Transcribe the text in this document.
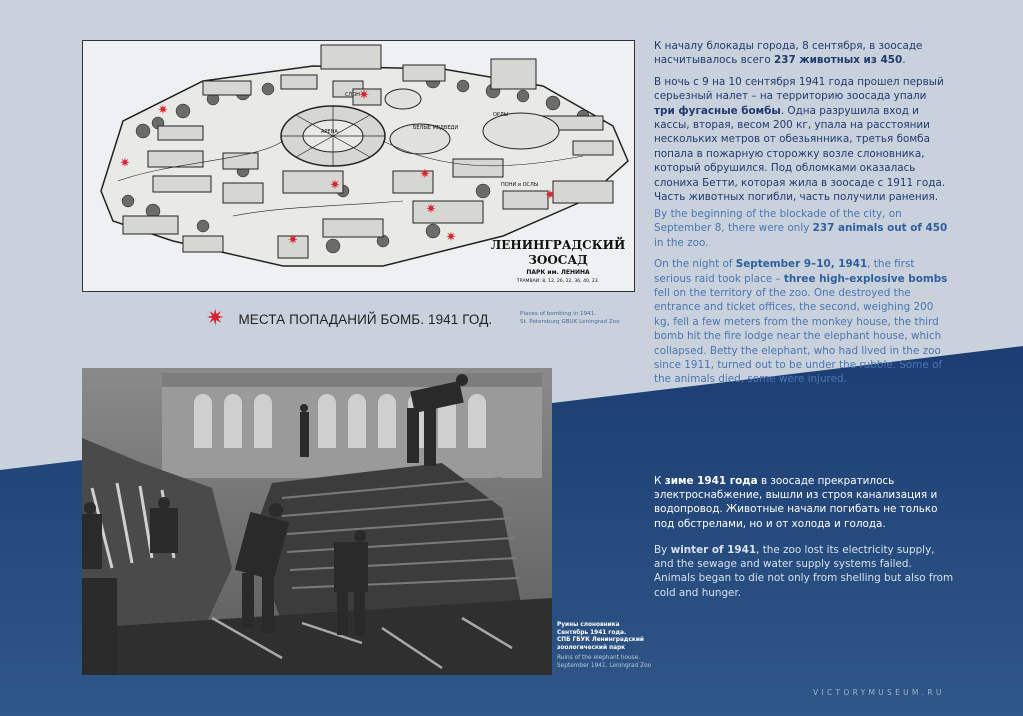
БЕЛЫЕ МЕДВЕДИ
ОРЛЫ
СЛОН
АРЕНА
ПОНИ и ОСЛЫ
✷
✷
✷
✷
✷
✷
✷
✷	✷	ЛЕНИНГРАДСКИЙ
ЗООСАД
ПАРК им. ЛЕНИНА
ТРАМВАИ: 8, 12, 26, 22, 36, 40, 23.
✷ МЕСТА ПОПАДАНИЙ БОМБ. 1941 ГОД.	Places of bombing in 1941.
St. Petersburg GBUK Leningrad Zoo

К началу блокады города, 8 сентября, в зоосаде насчитывалось всего 237 животных из 450.

В ночь с 9 на 10 сентября 1941 года прошел первый серьезный налет – на территорию зоосада упали три фугасные бомбы. Одна разрушила вход и кассы, вторая, весом 200 кг, упала на расстоянии нескольких метров от обезьянника, третья бомба попала в пожарную сторожку возле слоновника, который обрушился. Под обломками оказалась слониха Бетти, которая жила в зоосаде с 1911 года. Часть животных погибли, часть получили ранения.

By the beginning of the blockade of the city, on September 8, there were only 237 animals out of 450 in the zoo.

On the night of September 9–10, 1941, the first serious raid took place – three high-explosive bombs fell on the territory of the zoo. One destroyed the entrance and ticket offices, the second, weighing 200 kg, fell a few meters from the monkey house, the third bomb hit the fire lodge near the elephant house, which collapsed. Betty the elephant, who had lived in the zoo since 1911, turned out to be under the rubble. Some of the animals died, some were injured.

Руины слоновника
Сентябрь 1941 года.
СПБ ГБУК Ленинградский
зоологический парк
Ruins of the elephant house.
September 1941. Leningrad Zoo

К зиме 1941 года в зоосаде прекратилось электроснабжение, вышли из строя канализация и водопровод. Животные начали погибать не только под обстрелами, но и от холода и голода.

By winter of 1941, the zoo lost its electricity supply, and the sewage and water supply systems failed. Animals began to die not only from shelling but also from cold and hunger.

VICTORYMUSEUM.RU
